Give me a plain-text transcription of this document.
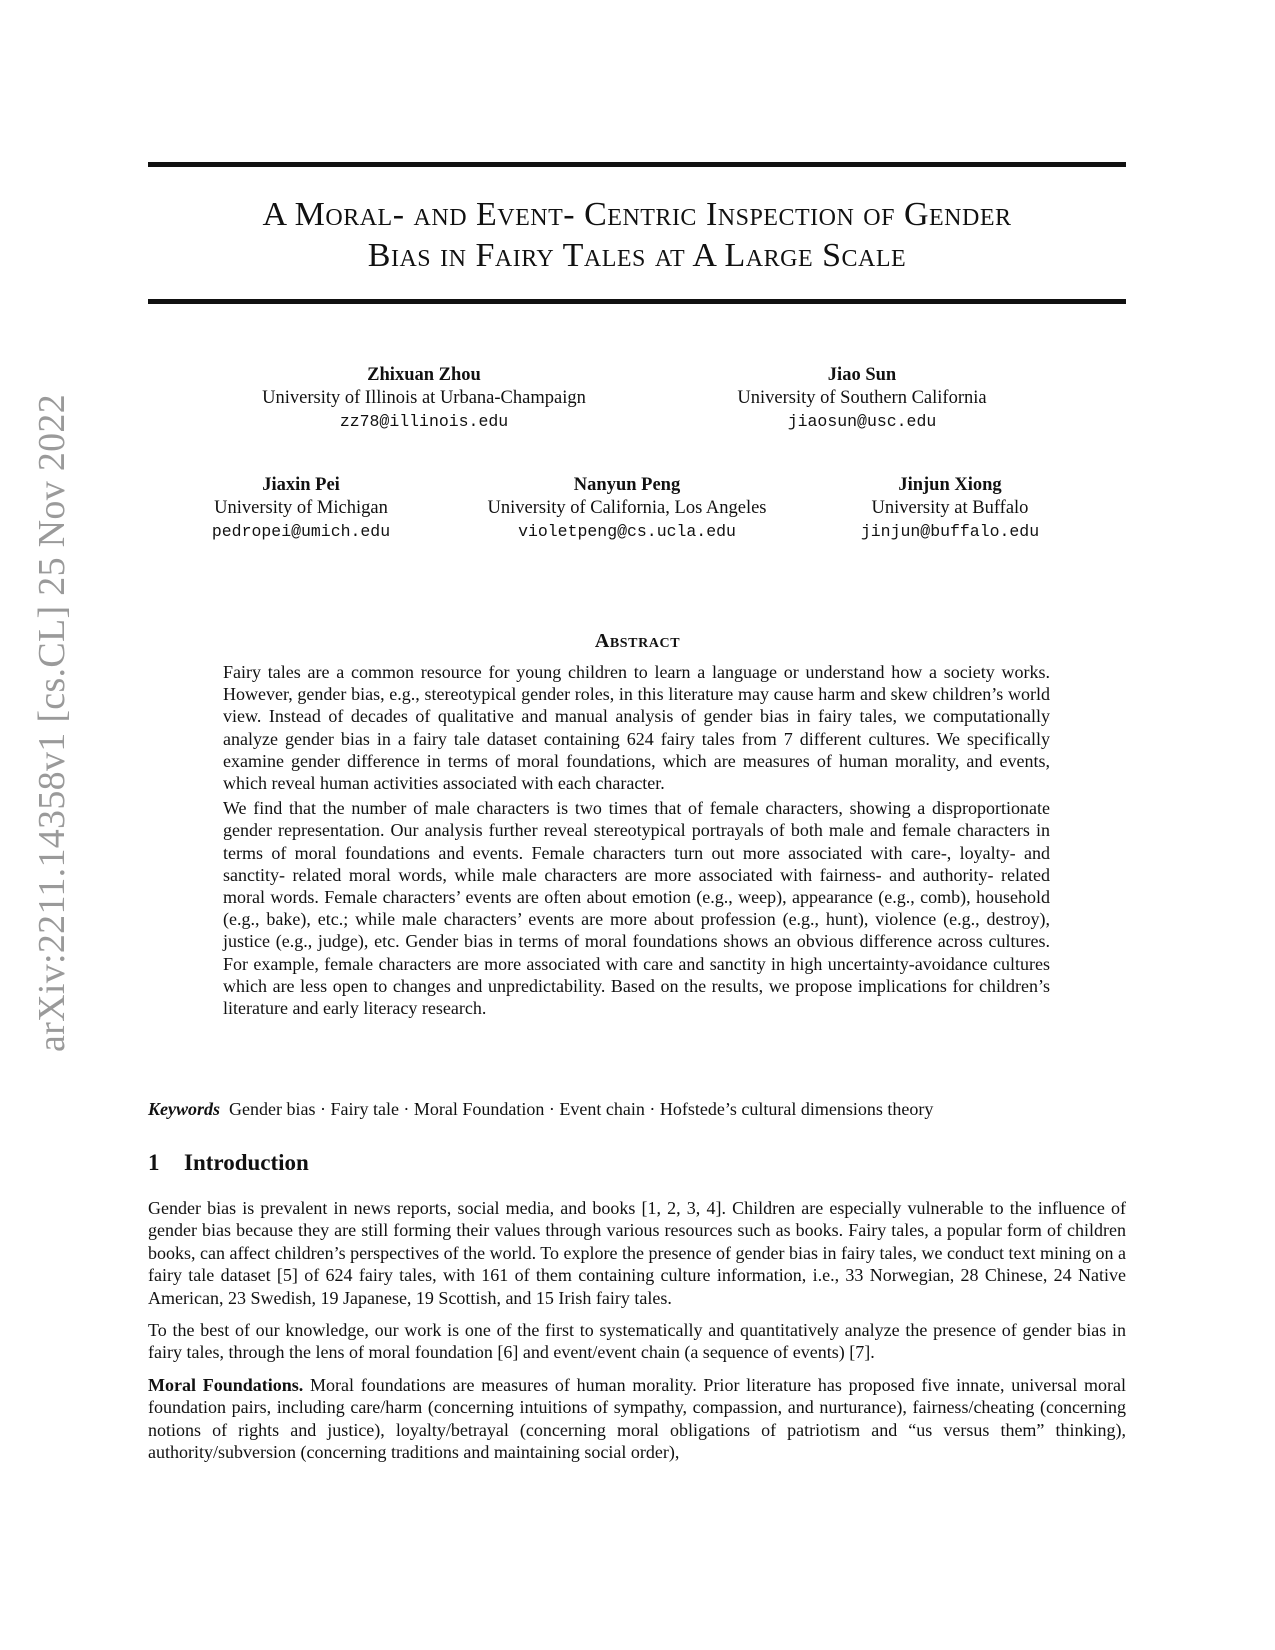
arXiv:2211.14358v1 [cs.CL] 25 Nov 2022
A Moral- and Event- Centric Inspection of Gender
Bias in Fairy Tales at A Large Scale
Zhixuan Zhou
University of Illinois at Urbana-Champaign
zz78@illinois.edu
Jiao Sun
University of Southern California
jiaosun@usc.edu
Jiaxin Pei
University of Michigan
pedropei@umich.edu
Nanyun Peng
University of California, Los Angeles
violetpeng@cs.ucla.edu
Jinjun Xiong
University at Buffalo
jinjun@buffalo.edu
Abstract

Fairy tales are a common resource for young children to learn a language or understand how a society works. However, gender bias, e.g., stereotypical gender roles, in this literature may cause harm and skew children’s world view. Instead of decades of qualitative and manual analysis of gender bias in fairy tales, we computationally analyze gender bias in a fairy tale dataset containing 624 fairy tales from 7 different cultures. We specifically examine gender difference in terms of moral foundations, which are measures of human morality, and events, which reveal human activities associated with each character.

We find that the number of male characters is two times that of female characters, showing a disproportionate gender representation. Our analysis further reveal stereotypical portrayals of both male and female characters in terms of moral foundations and events. Female characters turn out more associated with care-, loyalty- and sanctity- related moral words, while male characters are more associated with fairness- and authority- related moral words. Female characters’ events are often about emotion (e.g., weep), appearance (e.g., comb), household (e.g., bake), etc.; while male characters’ events are more about profession (e.g., hunt), violence (e.g., destroy), justice (e.g., judge), etc. Gender bias in terms of moral foundations shows an obvious difference across cultures. For example, female characters are more associated with care and sanctity in high uncertainty-avoidance cultures which are less open to changes and unpredictability. Based on the results, we propose implications for children’s literature and early literacy research.

Keywords Gender bias · Fairy tale · Moral Foundation · Event chain · Hofstede’s cultural dimensions theory
1 Introduction

Gender bias is prevalent in news reports, social media, and books [1, 2, 3, 4]. Children are especially vulnerable to the influence of gender bias because they are still forming their values through various resources such as books. Fairy tales, a popular form of children books, can affect children’s perspectives of the world. To explore the presence of gender bias in fairy tales, we conduct text mining on a fairy tale dataset [5] of 624 fairy tales, with 161 of them containing culture information, i.e., 33 Norwegian, 28 Chinese, 24 Native American, 23 Swedish, 19 Japanese, 19 Scottish, and 15 Irish fairy tales.

To the best of our knowledge, our work is one of the first to systematically and quantitatively analyze the presence of gender bias in fairy tales, through the lens of moral foundation [6] and event/event chain (a sequence of events) [7].

Moral Foundations. Moral foundations are measures of human morality. Prior literature has proposed five innate, universal moral foundation pairs, including care/harm (concerning intuitions of sympathy, compassion, and nurturance), fairness/cheating (concerning notions of rights and justice), loyalty/betrayal (concerning moral obligations of patriotism and “us versus them” thinking), authority/subversion (concerning traditions and maintaining social order),
